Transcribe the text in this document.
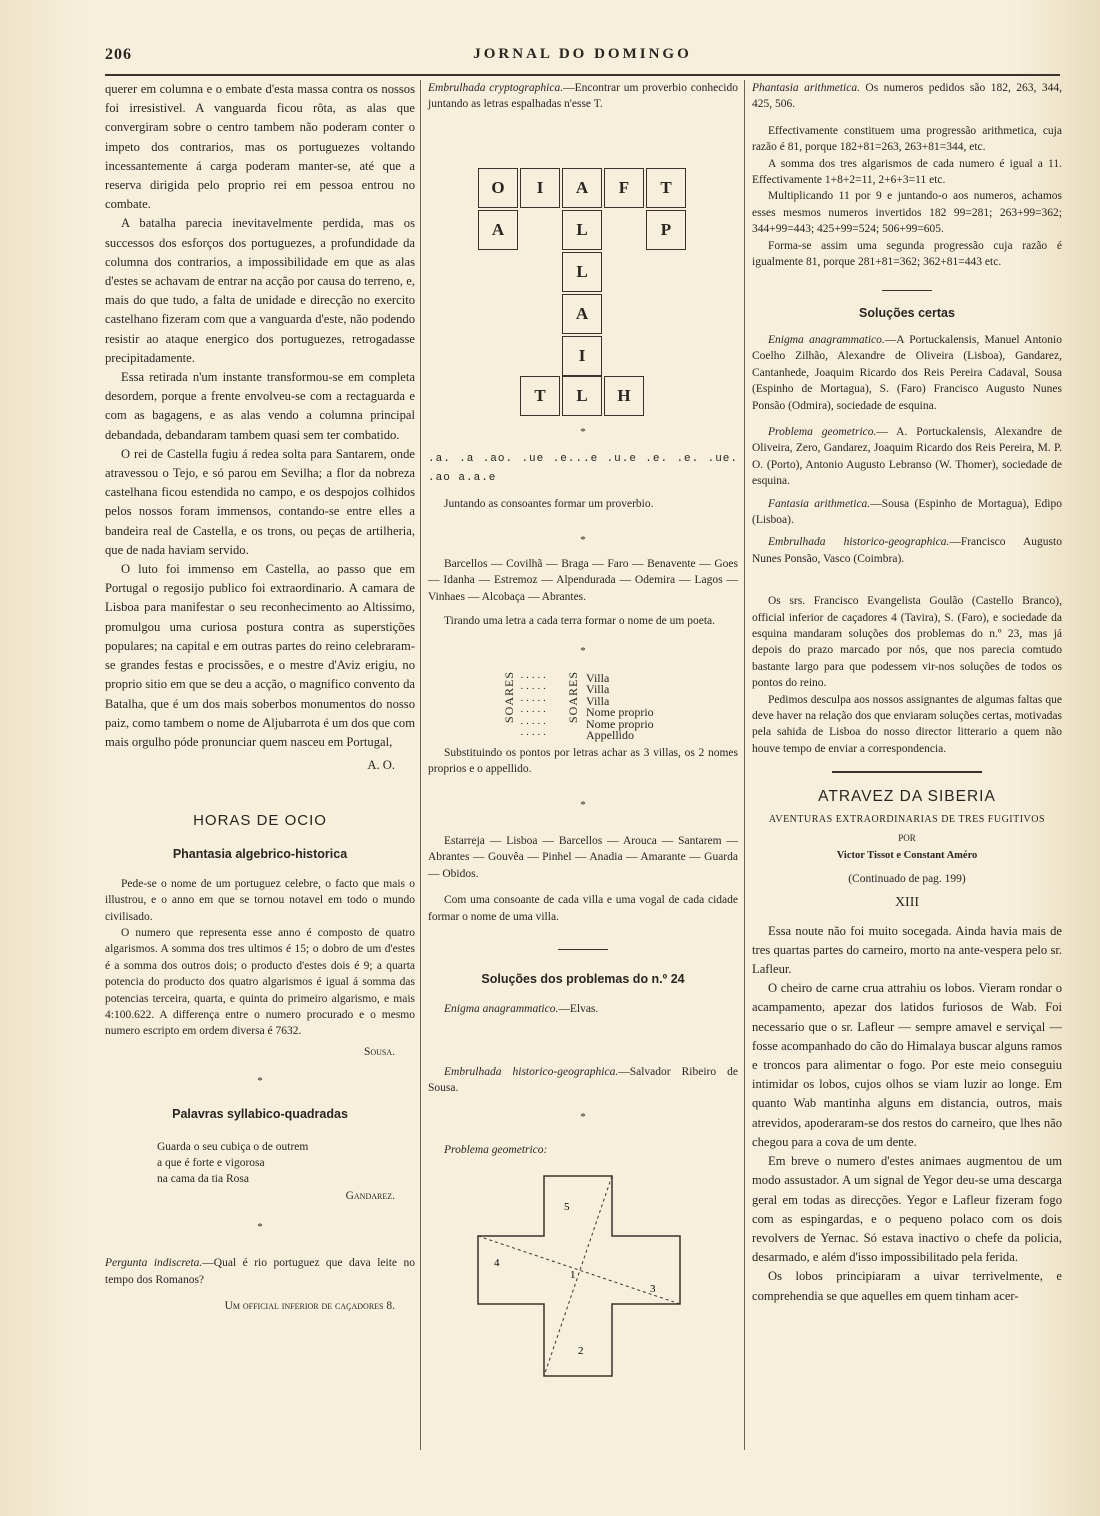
206	JORNAL DO DOMINGO

querer em columna e o embate d'esta massa contra os nossos foi irresistivel. A vanguarda ficou rôta, as alas que convergiram sobre o centro tambem não poderam conter o impeto dos contrarios, mas os portuguezes voltando incessantemente á carga poderam manter-se, até que a reserva dirigida pelo proprio rei em pessoa entrou no combate.

A batalha parecia inevitavelmente perdida, mas os successos dos esforços dos portuguezes, a profundidade da columna dos contrarios, a impossibilidade em que as alas d'estes se achavam de entrar na acção por causa do terreno, e, mais do que tudo, a falta de unidade e direcção no exercito castelhano fizeram com que a vanguarda d'este, não podendo resistir ao ataque energico dos portuguezes, retrogadasse precipitadamente.

Essa retirada n'um instante transformou-se em completa desordem, porque a frente envolveu-se com a rectaguarda e com as bagagens, e as alas vendo a columna principal debandada, debandaram tambem quasi sem ter combatido.

O rei de Castella fugiu á redea solta para Santarem, onde atravessou o Tejo, e só parou em Sevilha; a flor da nobreza castelhana ficou estendida no campo, e os despojos colhidos pelos nossos foram immensos, contando-se entre elles a bandeira real de Castella, e os trons, ou peças de artilheria, que de nada haviam servido.

O luto foi immenso em Castella, ao passo que em Portugal o regosijo publico foi extraordinario. A camara de Lisboa para manifestar o seu reconhecimento ao Altissimo, promulgou uma curiosa postura contra as superstições populares; na capital e em outras partes do reino celebraram-se grandes festas e procissões, e o mestre d'Aviz erigiu, no proprio sitio em que se deu a acção, o magnifico convento da Batalha, que é um dos mais soberbos monumentos do nosso paiz, como tambem o nome de Aljubarrota é um dos que com mais orgulho póde pronunciar quem nasceu em Portugal,

A. O.

HORAS DE OCIO
Phantasia algebrico-historica

Pede-se o nome de um portuguez celebre, o facto que mais o illustrou, e o anno em que se tornou notavel em todo o mundo civilisado.

O numero que representa esse anno é composto de quatro algarismos. A somma dos tres ultimos é 15; o dobro de um d'estes é a somma dos outros dois; o producto d'estes dois é 9; a quarta potencia do producto dos quatro algarismos é igual á somma das potencias terceira, quarta, e quinta do primeiro algarismo, e mais 4:100.622. A differença entre o numero procurado e o mesmo numero escripto em ordem diversa é 7632.

Sousa.

*
Palavras syllabico-quadradas

Guarda o seu cubiça o de outrem

a que é forte e vigorosa

na cama da tia Rosa

Gandarez.

*

Pergunta indiscreta.—Qual é rio portuguez que dava leite no tempo dos Romanos?

Um official inferior de caçadores 8.

Embrulhada cryptographica.—Encontrar um proverbio conhecido juntando as letras espalhadas n'esse T.

O	I	A	F	T
A	L	P
L
A
I
T	L	H
*

.a. .a .ao. .ue .e...e .u.e .e. .e. .ue. .ao a.a.e

Juntando as consoantes formar um proverbio.

*

Barcellos — Covilhã — Braga — Faro — Benavente — Goes — Idanha — Estremoz — Alpendurada — Odemira — Lagos — Vinhaes — Alcobaça — Abrantes.

Tirando uma letra a cada terra formar o nome de um poeta.

*
SOARES ·····
·····
·····
·····
·····
·····
SOARES Villa
Villa
Villa
Nome proprio
Nome proprio
Appellido

Substituindo os pontos por letras achar as 3 villas, os 2 nomes proprios e o appellido.

*

Estarreja — Lisboa — Barcellos — Arouca — Santarem — Abrantes — Gouvêa — Pinhel — Anadia — Amarante — Guarda — Obidos.

Com uma consoante de cada villa e uma vogal de cada cidade formar o nome de uma villa.

Soluções dos problemas do n.º 24

Enigma anagrammatico.—Elvas.

Embrulhada historico-geographica.—Salvador Ribeiro de Sousa.

*

Problema geometrico:

5
4
1
3
2

Phantasia arithmetica. Os numeros pedidos são 182, 263, 344, 425, 506.

Effectivamente constituem uma progressão arithmetica, cuja razão é 81, porque 182+81=263, 263+81=344, etc.

A somma dos tres algarismos de cada numero é igual a 11. Effectivamente 1+8+2=11, 2+6+3=11 etc.

Multiplicando 11 por 9 e juntando-o aos numeros, achamos esses mesmos numeros invertidos 182 99=281; 263+99=362; 344+99=443; 425+99=524; 506+99=605.

Forma-se assim uma segunda progressão cuja razão é igualmente 81, porque 281+81=362; 362+81=443 etc.

Soluções certas

Enigma anagrammatico.—A Portuckalensis, Manuel Antonio Coelho Zilhão, Alexandre de Oliveira (Lisboa), Gandarez, Cantanhede, Joaquim Ricardo dos Reis Pereira Cadaval, Sousa (Espinho de Mortagua), S. (Faro) Francisco Augusto Nunes Ponsão (Odmira), sociedade de esquina.

Problema geometrico.— A. Portuckalensis, Alexandre de Oliveira, Zero, Gandarez, Joaquim Ricardo dos Reis Pereira, M. P. O. (Porto), Antonio Augusto Lebranso (W. Thomer), sociedade de esquina.

Fantasia arithmetica.—Sousa (Espinho de Mortagua), Edipo (Lisboa).

Embrulhada historico-geographica.—Francisco Augusto Nunes Ponsão, Vasco (Coimbra).

Os srs. Francisco Evangelista Goulão (Castello Branco), official inferior de caçadores 4 (Tavira), S. (Faro), e sociedade da esquina mandaram soluções dos problemas do n.º 23, mas já depois do prazo marcado por nós, que nos parecia comtudo bastante largo para que podessem vir-nos soluções de todos os pontos do reino.

Pedimos desculpa aos nossos assignantes de algumas faltas que deve haver na relação dos que enviaram soluções certas, motivadas pela sahida de Lisboa do nosso director litterario a quem não houve tempo de enviar a correspondencia.

ATRAVEZ DA SIBERIA

AVENTURAS EXTRAORDINARIAS DE TRES FUGITIVOS

POR

Victor Tissot e Constant Améro

(Continuado de pag. 199)

XIII

Essa noute não foi muito socegada. Ainda havia mais de tres quartas partes do carneiro, morto na ante-vespera pelo sr. Lafleur.

O cheiro de carne crua attrahiu os lobos. Vieram rondar o acampamento, apezar dos latidos furiosos de Wab. Foi necessario que o sr. Lafleur — sempre amavel e serviçal — fosse acompanhado do cão do Himalaya buscar alguns ramos e troncos para alimentar o fogo. Por este meio conseguiu intimidar os lobos, cujos olhos se viam luzir ao longe. Em quanto Wab mantinha alguns em distancia, outros, mais atrevidos, apoderaram-se dos restos do carneiro, que lhes não chegou para a cova de um dente.

Em breve o numero d'estes animaes augmentou de um modo assustador. A um signal de Yegor deu-se uma descarga geral em todas as direcções. Yegor e Lafleur fizeram fogo com as espingardas, e o pequeno polaco com os dois revolvers de Yernac. Só estava inactivo o chefe da policia, desarmado, e além d'isso impossibilitado pela ferida.

Os lobos principiaram a uivar terrivelmente, e comprehendia se que aquelles em quem tinham acer-
